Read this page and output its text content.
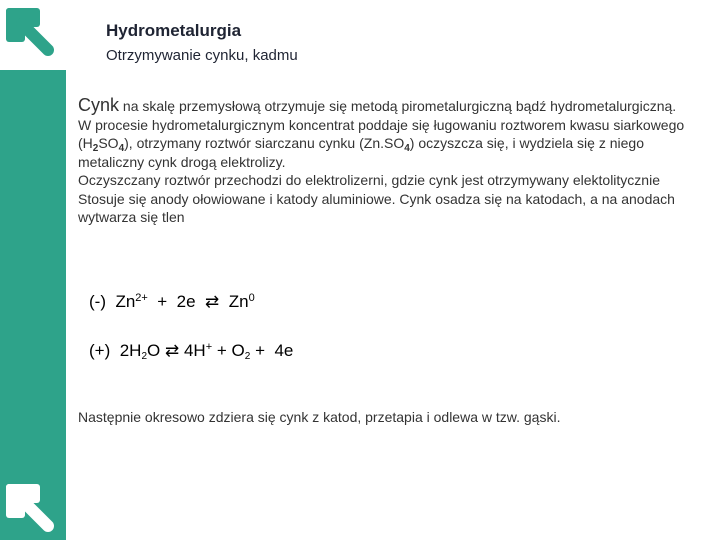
Hydrometalurgia
Otrzymywanie cynku, kadmu

Cynk na skalę przemysłową otrzymuje się metodą pirometalurgiczną bądź hydrometalurgiczną.

W procesie hydrometalurgicznym koncentrat poddaje się ługowaniu roztworem kwasu siarkowego $(H_2SO_4)$, otrzymany roztwór siarczanu cynku $(Zn.SO_4)$ oczyszcza się, i wydziela się z niego metaliczny cynk drogą elektrolizy.

Oczyszczany roztwór przechodzi do elektrolizerni, gdzie cynk jest otrzymywany elektolitycznie

Stosuje się anody ołowiowane i katody aluminiowe. Cynk osadza się na katodach, a na anodach wytwarza się tlen

(-) $Zn^{2+} + 2e$ ⇄ Zn$^0$
(+) $2H_2O$ ⇄ $4H^+ + O_2 + 4e$
Następnie okresowo zdziera się cynk z katod, przetapia i odlewa w tzw. gąski.
